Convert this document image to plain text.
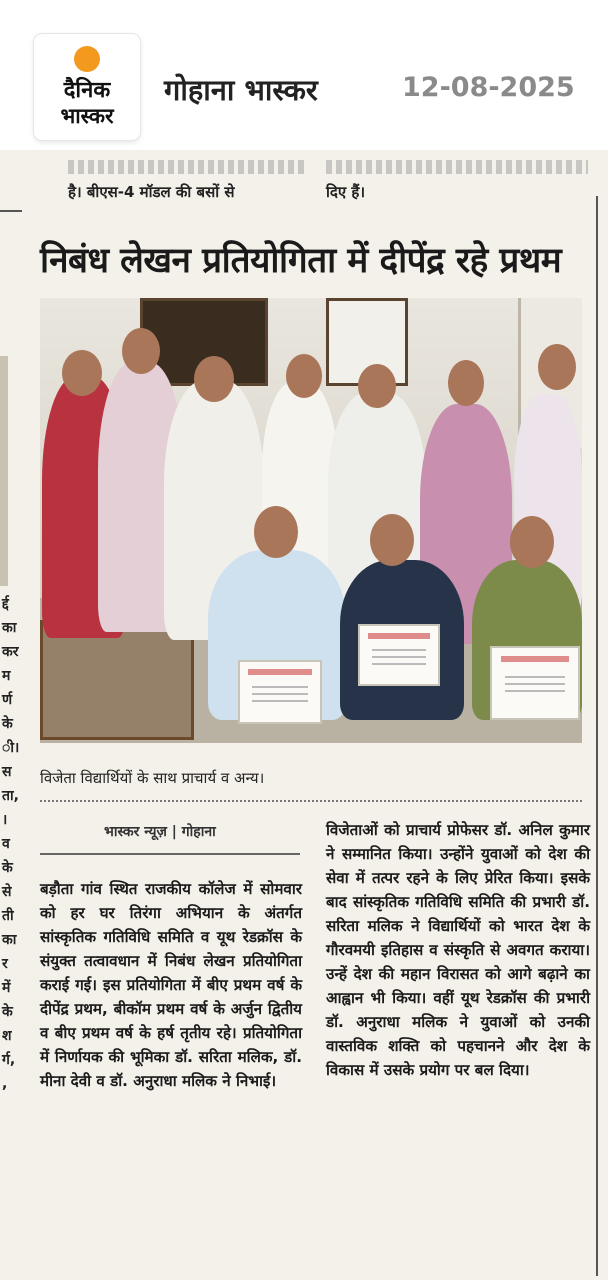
दैनिक
भास्कर
गोहाना भास्कर	12-08-2025
है। बीएस-4 मॉडल की बसों से	दिए हैं।
र्द्द
का
कर
म
र्ण
के
ी।
स
ता,
।
व
के
से
ती
का
र
में
के
श
र्ग,
,
निबंध लेखन प्रतियोगिता में दीपेंद्र रहे प्रथम
विजेता विद्यार्थियों के साथ प्राचार्य व अन्य।
भास्कर न्यूज़ | गोहाना

बड़ौता गांव स्थित राजकीय कॉलेज में सोमवार को हर घर तिरंगा अभियान के अंतर्गत सांस्कृतिक गतिविधि समिति व यूथ रेडक्रॉस के संयुक्त तत्वावधान में निबंध लेखन प्रतियोगिता कराई गई। इस प्रतियोगिता में बीए प्रथम वर्ष के दीपेंद्र प्रथम, बीकॉम प्रथम वर्ष के अर्जुन द्वितीय व बीए प्रथम वर्ष के हर्ष तृतीय रहे। प्रतियोगिता में निर्णायक की भूमिका डॉ. सरिता मलिक, डॉ. मीना देवी व डॉ. अनुराधा मलिक ने निभाई।

विजेताओं को प्राचार्य प्रोफेसर डॉ. अनिल कुमार ने सम्मानित किया। उन्होंने युवाओं को देश की सेवा में तत्पर रहने के लिए प्रेरित किया। इसके बाद सांस्कृतिक गतिविधि समिति की प्रभारी डॉ. सरिता मलिक ने विद्यार्थियों को भारत देश के गौरवमयी इतिहास व संस्कृति से अवगत कराया। उन्हें देश की महान विरासत को आगे बढ़ाने का आह्वान भी किया। वहीं यूथ रेडक्रॉस की प्रभारी डॉ. अनुराधा मलिक ने युवाओं को उनकी वास्तविक शक्ति को पहचानने और देश के विकास में उसके प्रयोग पर बल दिया।
